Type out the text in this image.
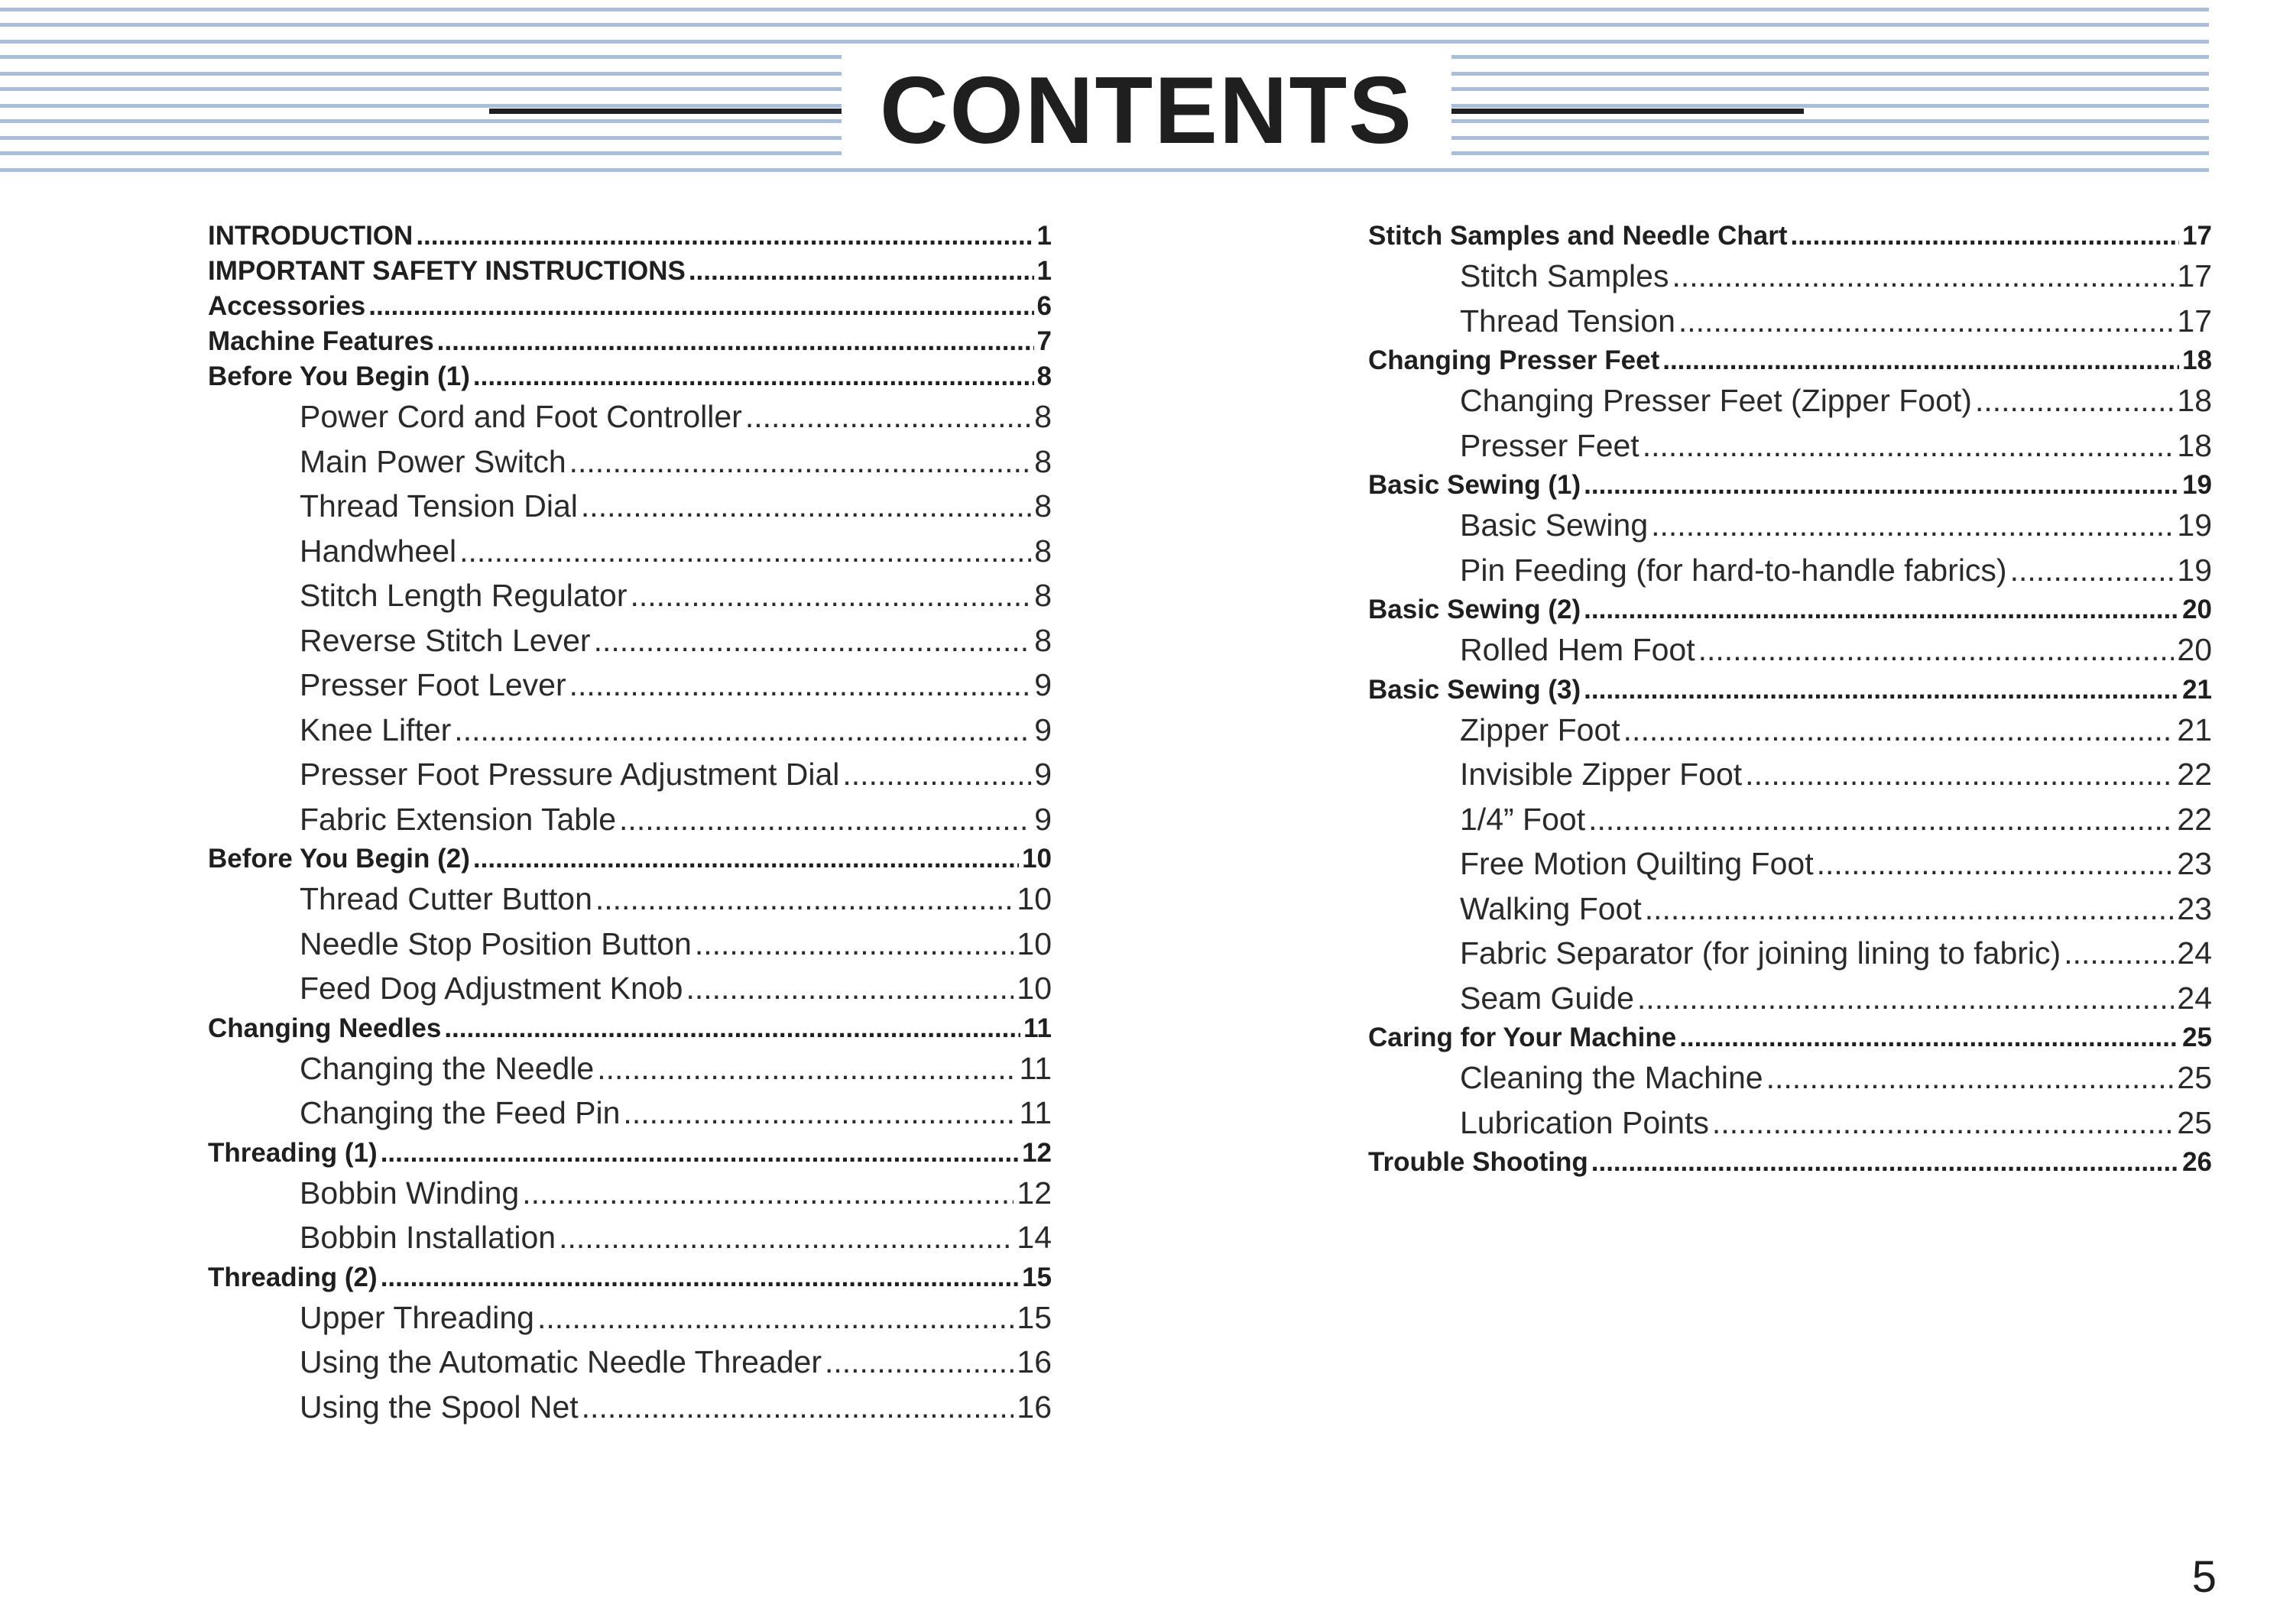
CONTENTS
INTRODUCTION .....	1
IMPORTANT SAFETY INSTRUCTIONS .....	1
Accessories .....	6
Machine Features .....	7
Before You Begin (1) .....	8
Power Cord and Foot Controller .....	8
Main Power Switch .....	8
Thread Tension Dial .....	8
Handwheel .....	8
Stitch Length Regulator .....	8
Reverse Stitch Lever .....	8
Presser Foot Lever .....	9
Knee Lifter .....	9
Presser Foot Pressure Adjustment Dial .....	9
Fabric Extension Table .....	9
Before You Begin (2) .....	10
Thread Cutter Button .....	10
Needle Stop Position Button .....	10
Feed Dog Adjustment Knob .....	10
Changing Needles .....	11
Changing the Needle .....	11
Changing the Feed Pin .....	11
Threading (1) .....	12
Bobbin Winding .....	12
Bobbin Installation .....	14
Threading (2) .....	15
Upper Threading .....	15
Using the Automatic Needle Threader .....	16
Using the Spool Net .....	16
Stitch Samples and Needle Chart .....	17
Stitch Samples .....	17
Thread Tension .....	17
Changing Presser Feet .....	18
Changing Presser Feet (Zipper Foot) .....	18
Presser Feet .....	18
Basic Sewing (1) .....	19
Basic Sewing .....	19
Pin Feeding (for hard-to-handle fabrics) .....	19
Basic Sewing (2) .....	20
Rolled Hem Foot .....	20
Basic Sewing (3) .....	21
Zipper Foot .....	21
Invisible Zipper Foot .....	22
1/4” Foot .....	22
Free Motion Quilting Foot .....	23
Walking Foot .....	23
Fabric Separator (for joining lining to fabric) .....	24
Seam Guide .....	24
Caring for Your Machine .....	25
Cleaning the Machine .....	25
Lubrication Points .....	25
Trouble Shooting .....	26
5
